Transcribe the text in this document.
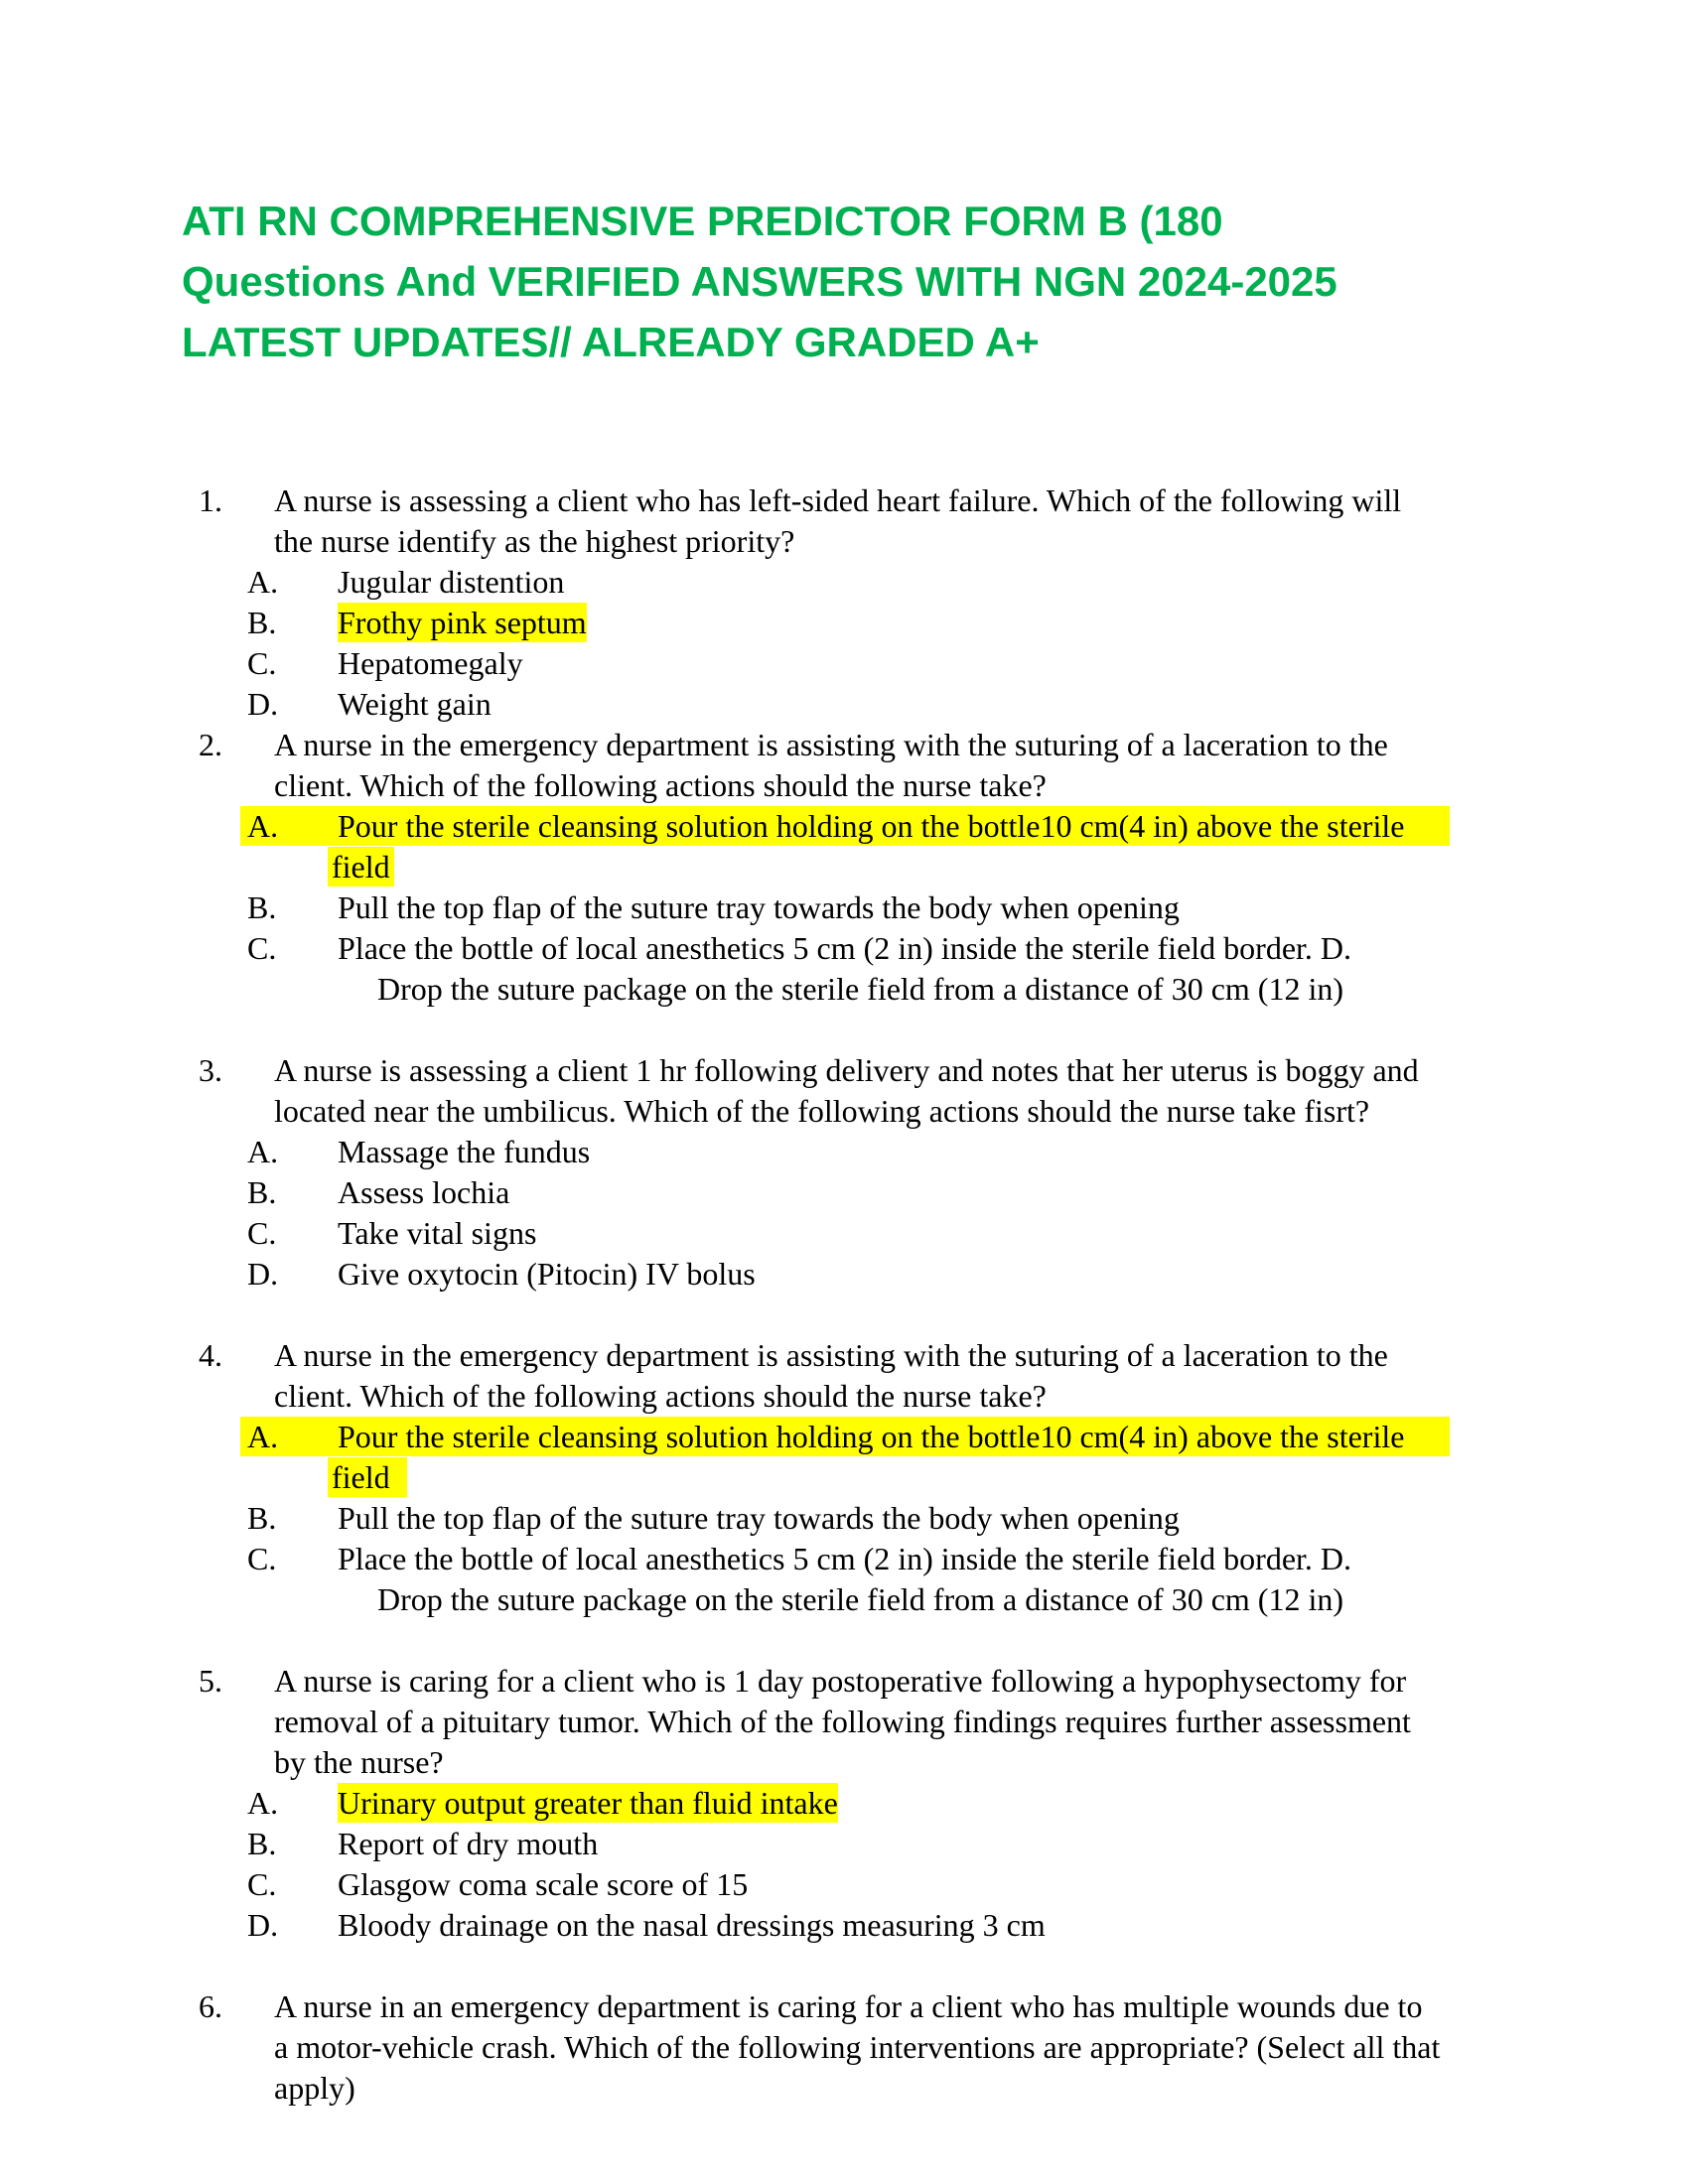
ATI RN COMPREHENSIVE PREDICTOR FORM B (180
Questions And VERIFIED ANSWERS WITH NGN 2024-2025
LATEST UPDATES// ALREADY GRADED A+
1. A nurse is assessing a client who has left-sided heart failure. Which of the following will
the nurse identify as the highest priority?
A. Jugular distention
B. Frothy pink septum
C. Hepatomegaly
D. Weight gain
2. A nurse in the emergency department is assisting with the suturing of a laceration to the
client. Which of the following actions should the nurse take?
A. Pour the sterile cleansing solution holding on the bottle10 cm(4 in) above the sterile
field
B. Pull the top flap of the suture tray towards the body when opening
C. Place the bottle of local anesthetics 5 cm (2 in) inside the sterile field border. D.
Drop the suture package on the sterile field from a distance of 30 cm (12 in)
3. A nurse is assessing a client 1 hr following delivery and notes that her uterus is boggy and
located near the umbilicus. Which of the following actions should the nurse take fisrt?
A. Massage the fundus
B. Assess lochia
C. Take vital signs
D. Give oxytocin (Pitocin) IV bolus
4. A nurse in the emergency department is assisting with the suturing of a laceration to the
client. Which of the following actions should the nurse take?
A. Pour the sterile cleansing solution holding on the bottle10 cm(4 in) above the sterile
field
B. Pull the top flap of the suture tray towards the body when opening
C. Place the bottle of local anesthetics 5 cm (2 in) inside the sterile field border. D.
Drop the suture package on the sterile field from a distance of 30 cm (12 in)
5. A nurse is caring for a client who is 1 day postoperative following a hypophysectomy for
removal of a pituitary tumor. Which of the following findings requires further assessment
by the nurse?
A. Urinary output greater than fluid intake
B. Report of dry mouth
C. Glasgow coma scale score of 15
D. Bloody drainage on the nasal dressings measuring 3 cm
6. A nurse in an emergency department is caring for a client who has multiple wounds due to
a motor-vehicle crash. Which of the following interventions are appropriate? (Select all that
apply)
